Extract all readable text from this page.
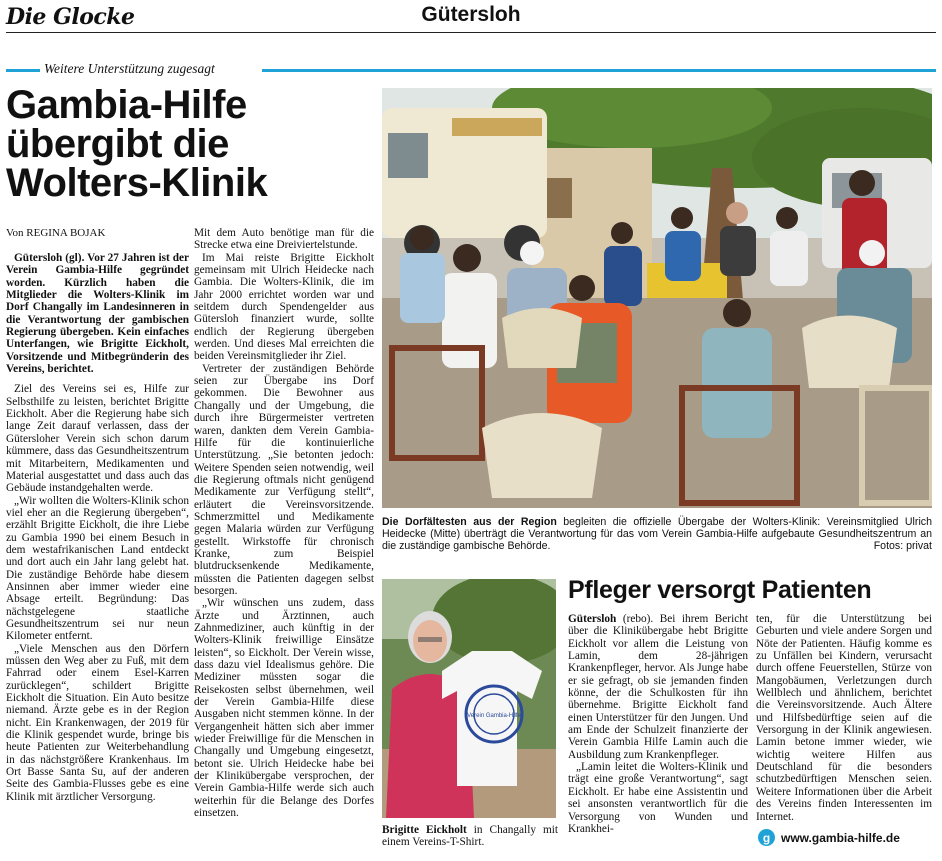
Die Glocke	Gütersloh
Weitere Unterstützung zugesagt
Gambia-Hilfe übergibt die Wolters-Klinik
Von REGINA BOJAK

Gütersloh (gl). Vor 27 Jahren ist der Verein Gambia-Hilfe gegründet worden. Kürzlich haben die Mitglieder die Wolters-Klinik im Dorf Changally im Landesinneren in die Verantwortung der gambischen Regierung übergeben. Kein einfaches Unterfangen, wie Brigitte Eickholt, Vorsitzende und Mitbegründerin des Vereins, berichtet.

Ziel des Vereins sei es, Hilfe zur Selbsthilfe zu leisten, berichtet Brigitte Eickholt. Aber die Regierung habe sich lange Zeit darauf verlassen, dass der Gütersloher Verein sich schon darum kümmere, dass das Gesundheitszentrum mit Mitarbeitern, Medikamenten und Material ausgestattet und dass auch das Gebäude instandgehalten werde.

„Wir wollten die Wolters-Klinik schon viel eher an die Regierung übergeben“, erzählt Brigitte Eickholt, die ihre Liebe zu Gambia 1990 bei einem Besuch in dem westafrikanischen Land entdeckt und dort auch ein Jahr lang gelebt hat. Die zuständige Behörde habe diesem Ansinnen aber immer wieder eine Absage erteilt. Begründung: Das nächstgelegene staatliche Gesundheitszentrum sei nur neun Kilometer entfernt.

„Viele Menschen aus den Dörfern müssen den Weg aber zu Fuß, mit dem Fahrrad oder einem Esel-Karren zurücklegen“, schildert Brigitte Eickholt die Situation. Ein Auto besitze niemand. Ärzte gebe es in der Region nicht. Ein Krankenwagen, der 2019 für die Klinik gespendet wurde, bringe bis heute Patienten zur Weiterbehandlung in das nächstgrößere Krankenhaus. Im Ort Basse Santa Su, auf der anderen Seite des Gambia-Flusses gebe es eine Klinik mit ärztlicher Versorgung.

Mit dem Auto benötige man für die Strecke etwa eine Dreiviertelstunde.

Im Mai reiste Brigitte Eickholt gemeinsam mit Ulrich Heidecke nach Gambia. Die Wolters-Klinik, die im Jahr 2000 errichtet worden war und seitdem durch Spendengelder aus Gütersloh finanziert wurde, sollte endlich der Regierung übergeben werden. Und dieses Mal erreichten die beiden Vereinsmitglieder ihr Ziel.

Vertreter der zuständigen Behörde seien zur Übergabe ins Dorf gekommen. Die Bewohner aus Changally und der Umgebung, die durch ihre Bürgermeister vertreten waren, dankten dem Verein Gambia-Hilfe für die kontinuierliche Unterstützung. „Sie betonten jedoch: Weitere Spenden seien notwendig, weil die Regierung oftmals nicht genügend Medikamente zur Verfügung stellt“, erläutert die Vereinsvorsitzende. Schmerzmittel und Medikamente gegen Malaria würden zur Verfügung gestellt. Wirkstoffe für chronisch Kranke, zum Beispiel blutdrucksenkende Medikamente, müssten die Patienten dagegen selbst besorgen.

„Wir wünschen uns zudem, dass Ärzte und Ärztinnen, auch Zahnmediziner, auch künftig in der Wolters-Klinik freiwillige Einsätze leisten“, so Eickholt. Der Verein wisse, dass dazu viel Idealismus gehöre. Die Mediziner müssten sogar die Reisekosten selbst übernehmen, weil der Verein Gambia-Hilfe diese Ausgaben nicht stemmen könne. In der Vergangenheit hätten sich aber immer wieder Freiwillige für die Menschen in Changally und Umgebung eingesetzt, betont sie. Ulrich Heidecke habe bei der Klinikübergabe versprochen, der Verein Gambia-Hilfe werde sich auch weiterhin für die Belange des Dorfes einsetzen.

Die Dorfältesten aus der Region begleiten die offizielle Übergabe der Wolters-Klinik: Vereinsmitglied Ulrich Heidecke (Mitte) überträgt die Verantwortung für das vom Verein Gambia-Hilfe aufgebaute Gesundheitszentrum an die zuständige gambische Behörde.	Fotos: privat
Verein Gambia-Hilfe
Brigitte Eickholt in Changally mit einem Vereins-T-Shirt.
Pfleger versorgt Patienten

Gütersloh (rebo). Bei ihrem Bericht über die Klinikübergabe hebt Brigitte Eickholt vor allem die Leistung von Lamin, dem 28-jährigen Krankenpfleger, hervor. Als Junge habe er sie gefragt, ob sie jemanden finden könne, der die Schulkosten für ihn übernehme. Brigitte Eickholt fand einen Unterstützer für den Jungen. Und am Ende der Schulzeit finanzierte der Verein Gambia Hilfe Lamin auch die Ausbildung zum Krankenpfleger.

„Lamin leitet die Wolters-Klinik und trägt eine große Verantwortung“, sagt Eickholt. Er habe eine Assistentin und sei ansonsten verantwortlich für die Versorgung von Wunden und Krankhei-

ten, für die Unterstützung bei Geburten und viele andere Sorgen und Nöte der Patienten. Häufig komme es zu Unfällen bei Kindern, verursacht durch offene Feuerstellen, Stürze von Mangobäumen, Verletzungen durch Wellblech und ähnlichem, berichtet die Vereinsvorsitzende. Auch Ältere und Hilfsbedürftige seien auf die Versorgung in der Klinik angewiesen. Lamin betone immer wieder, wie wichtig weitere Hilfen aus Deutschland für die besonders schutzbedürftigen Menschen seien. Weitere Informationen über die Arbeit des Vereins finden Interessenten im Internet.

g www.gambia-hilfe.de
